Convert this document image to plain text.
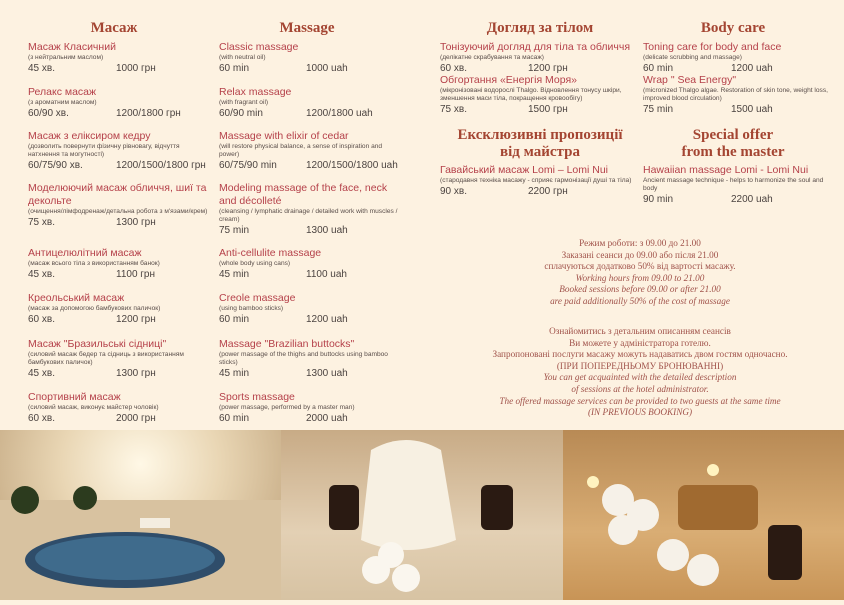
Масаж	Massage	Догляд за тілом	Body care
Ексклюзивні пропозиції
від майстра
Special offer
from the master
Масаж Класичний
(з нейтральним маслом)
45 хв.	1000 грн
Релакс масаж
(з ароматним маслом)
60/90 хв.	1200/1800 грн
Масаж з еліксиром кедру
(дозволить повернути фізичну рівновагу, відчуття натхнення та могутності)
60/75/90 хв.	1200/1500/1800 грн
Моделюючий масаж обличчя, шиї та декольте
(очищення/лімфодренаж/детальна робота з м'язами/крем)
75 хв.	1300 грн
Антицелюлітний масаж
(масаж всього тіла з використанням банок)
45 хв.	1100 грн
Креольський масаж
(масаж за допомогою бамбукових паличок)
60 хв.	1200 грн
Масаж "Бразильські сідниці"
(силовий масаж бедер та сідниць з використанням бамбукових паличок)
45 хв.	1300 грн
Спортивний масаж
(силовий масаж, виконує майстер чоловік)
60 хв.	2000 грн
Classic massage
(with neutral oil)
60 min	1000 uah
Relax massage
(with fragrant oil)
60/90 min	1200/1800 uah
Massage with elixir of cedar
(will restore physical balance, a sense of inspiration and power)
60/75/90 min	1200/1500/1800 uah
Modeling massage of the face, neck and décolleté
(cleansing / lymphatic drainage / detailed work with muscles / cream)
75 min	1300 uah
Anti-cellulite massage
(whole body using cans)
45 min	1100 uah
Creole massage
(using bamboo sticks)
60 min	1200 uah
Massage "Brazilian buttocks"
(power massage of the thighs and buttocks using bamboo sticks)
45 min	1300 uah
Sports massage
(power massage, performed by a master man)
60 min	2000 uah
Тонізуючий догляд для тіла та обличчя
(делікатне скрабування та масаж)
60 хв.	1200 грн
Обгортання «Енергія Моря»
(мікронізовані водорослі Thalgo. Відновлення тонусу шкіри, зменшення маси тіла, покращення кровообігу)
75 хв.	1500 грн
Toning care for body and face
(delicate scrubbing and massage)
60 min	1200 uah
Wrap " Sea Energy"
(micronized Thalgo algae. Restoration of skin tone, weight loss, improved blood circulation)
75 min	1500 uah
Гавайський масаж Lomi – Lomi Nui
(стародавня техніка масажу - сприяє гармонізації душі та тіла)
90 хв.	2200 грн
Hawaiian massage Lomi - Lomi Nui
Ancient massage technique - helps to harmonize the soul and body
90 min	2200 uah
Режим роботи: з 09.00 до 21.00
Заказані сеанси до 09.00 або після 21.00
сплачуються додатково 50% від вартості масажу.
Working hours from 09.00 to 21.00
Booked sessions before 09.00 or after 21.00
are paid additionally 50% of the cost of massage
Ознайомитись з детальним описанням сеансів
Ви можете у адміністратора готелю.
Запропоновані послуги масажу можуть надаватись двом гостям одночасно.
(ПРИ ПОПЕРЕДНЬОМУ БРОНЮВАННІ)
You can get acquainted with the detailed description
of sessions at the hotel administrator.
The offered massage services can be provided to two guests at the same time
(IN PREVIOUS BOOKING)
